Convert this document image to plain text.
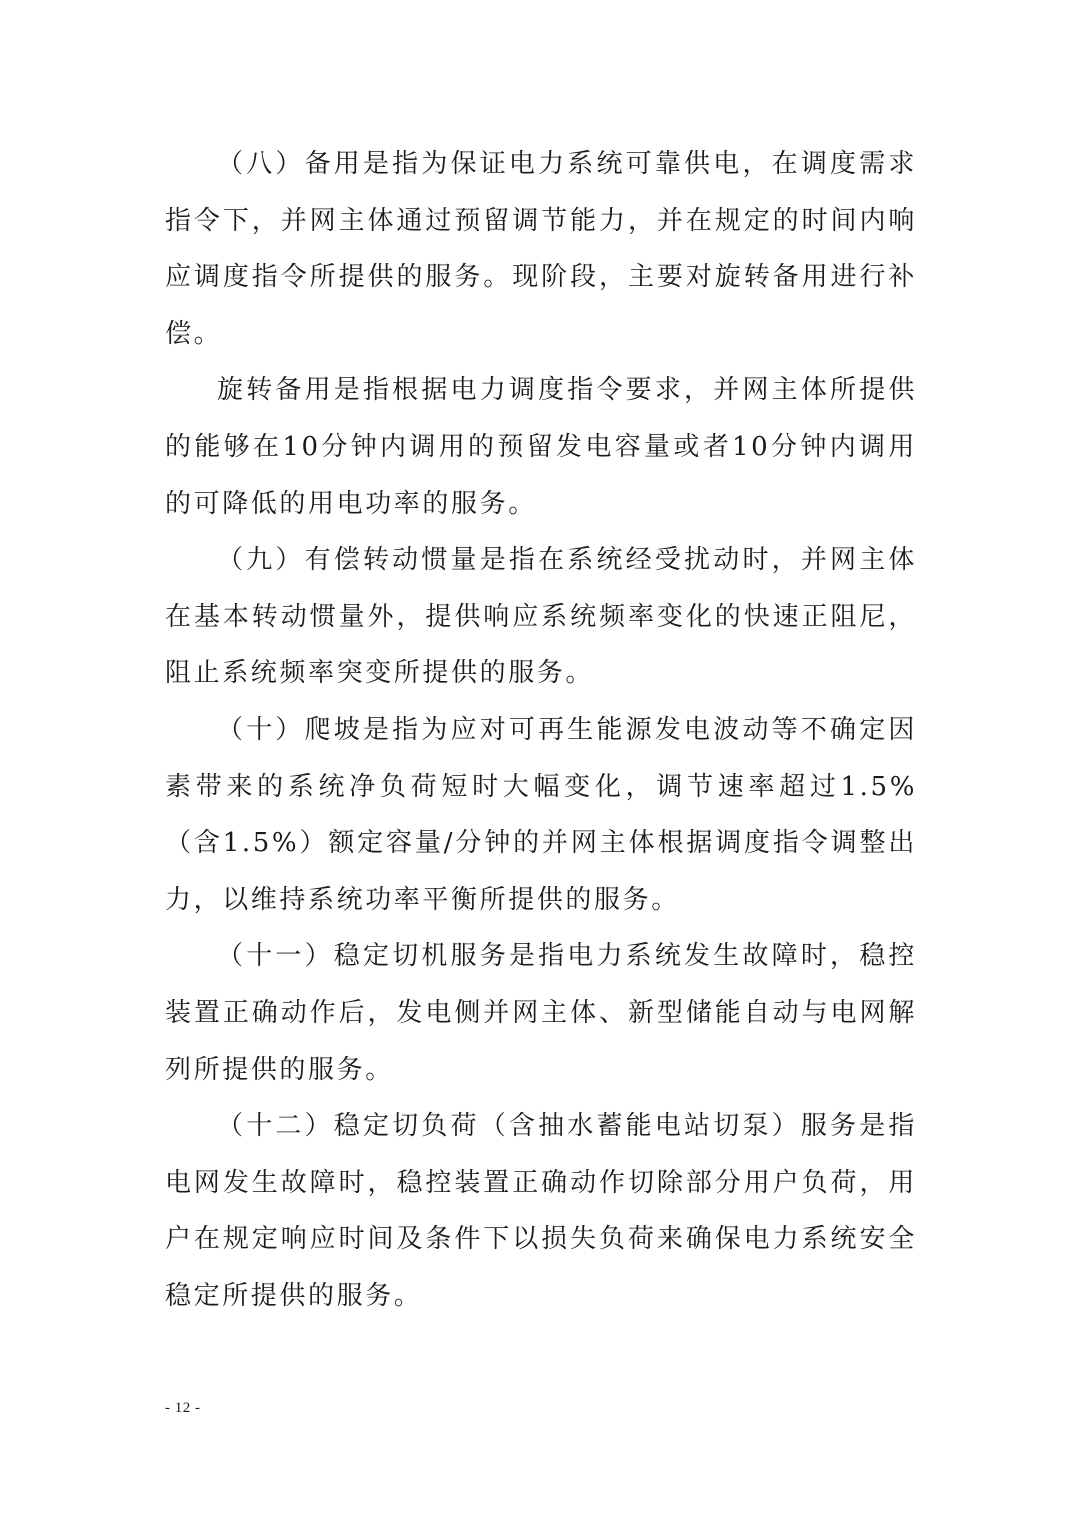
（八）备用是指为保证电力系统可靠供电，在调度需求指令下，并网主体通过预留调节能力，并在规定的时间内响应调度指令所提供的服务。现阶段，主要对旋转备用进行补偿。

旋转备用是指根据电力调度指令要求，并网主体所提供的能够在10分钟内调用的预留发电容量或者10分钟内调用的可降低的用电功率的服务。

（九）有偿转动惯量是指在系统经受扰动时，并网主体在基本转动惯量外，提供响应系统频率变化的快速正阻尼，阻止系统频率突变所提供的服务。

（十）爬坡是指为应对可再生能源发电波动等不确定因素带来的系统净负荷短时大幅变化，调节速率超过1.5%（含1.5%）额定容量/分钟的并网主体根据调度指令调整出力，以维持系统功率平衡所提供的服务。

（十一）稳定切机服务是指电力系统发生故障时，稳控装置正确动作后，发电侧并网主体、新型储能自动与电网解列所提供的服务。

（十二）稳定切负荷（含抽水蓄能电站切泵）服务是指电网发生故障时，稳控装置正确动作切除部分用户负荷，用户在规定响应时间及条件下以损失负荷来确保电力系统安全稳定所提供的服务。

- 12 -
